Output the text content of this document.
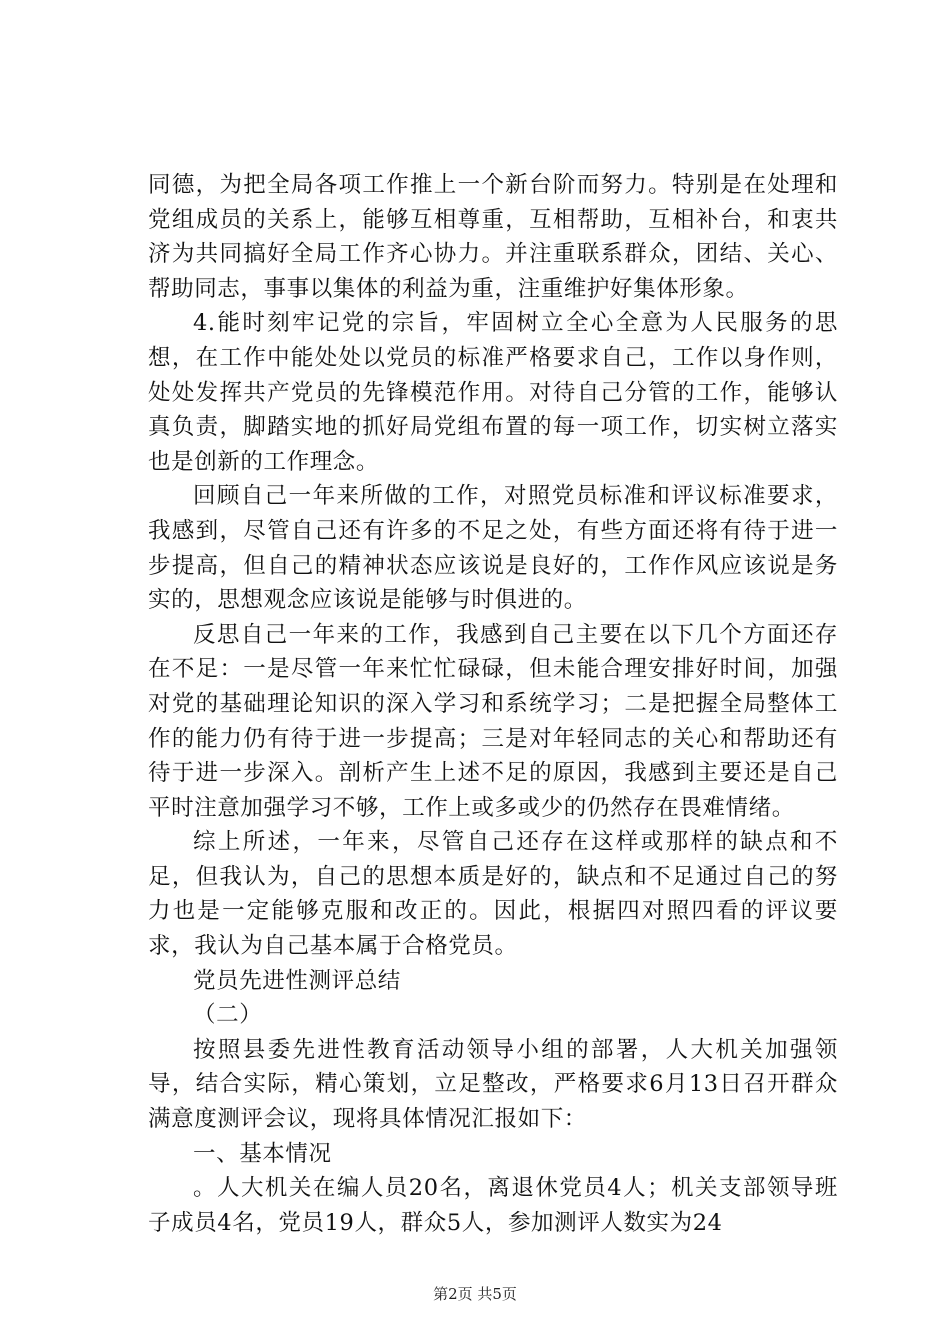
同德，为把全局各项工作推上一个新台阶而努力。特别是在处理和党组成员的关系上，能够互相尊重，互相帮助，互相补台，和衷共济为共同搞好全局工作齐心协力。并注重联系群众，团结、关心、帮助同志，事事以集体的利益为重，注重维护好集体形象。

4.能时刻牢记党的宗旨，牢固树立全心全意为人民服务的思想，在工作中能处处以党员的标准严格要求自己，工作以身作则，处处发挥共产党员的先锋模范作用。对待自己分管的工作，能够认真负责，脚踏实地的抓好局党组布置的每一项工作，切实树立落实也是创新的工作理念。

回顾自己一年来所做的工作，对照党员标准和评议标准要求，我感到，尽管自己还有许多的不足之处，有些方面还将有待于进一步提高，但自己的精神状态应该说是良好的，工作作风应该说是务实的，思想观念应该说是能够与时俱进的。

反思自己一年来的工作，我感到自己主要在以下几个方面还存在不足：一是尽管一年来忙忙碌碌，但未能合理安排好时间，加强对党的基础理论知识的深入学习和系统学习；二是把握全局整体工作的能力仍有待于进一步提高；三是对年轻同志的关心和帮助还有待于进一步深入。剖析产生上述不足的原因，我感到主要还是自己平时注意加强学习不够，工作上或多或少的仍然存在畏难情绪。

综上所述，一年来，尽管自己还存在这样或那样的缺点和不足，但我认为，自己的思想本质是好的，缺点和不足通过自己的努力也是一定能够克服和改正的。因此，根据四对照四看的评议要求，我认为自己基本属于合格党员。

党员先进性测评总结

（二）

按照县委先进性教育活动领导小组的部署，人大机关加强领导，结合实际，精心策划，立足整改，严格要求6月13日召开群众满意度测评会议，现将具体情况汇报如下：

一、基本情况

。人大机关在编人员20名，离退休党员4人；机关支部领导班子成员4名，党员19人，群众5人，参加测评人数实为24

第2页 共5页
